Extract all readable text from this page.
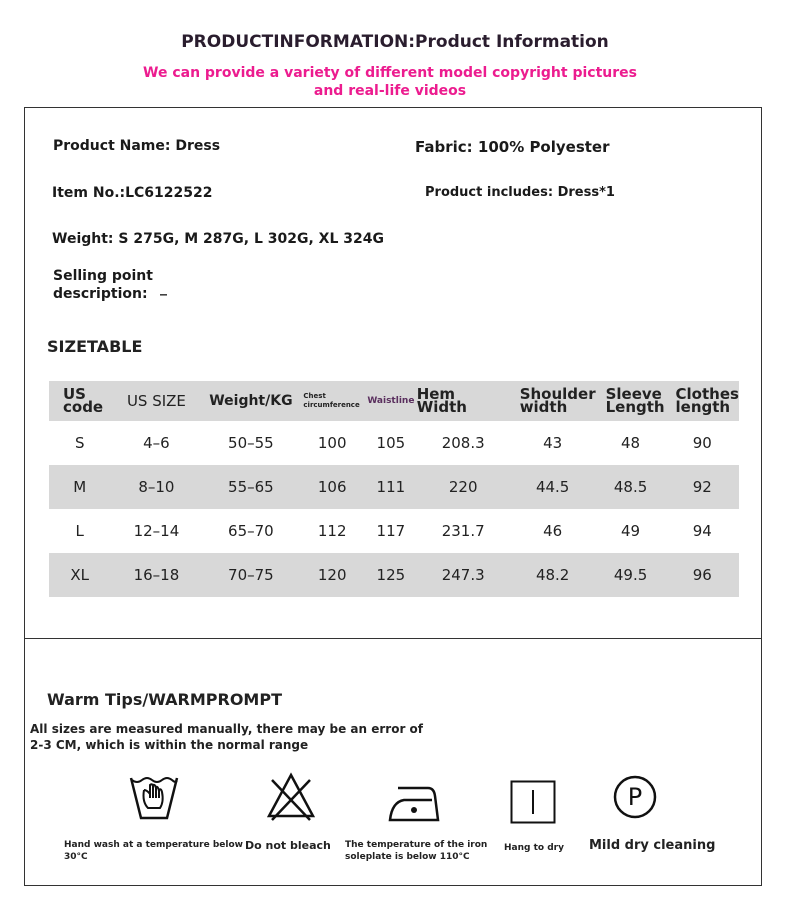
PRODUCTINFORMATION:Product Information
We can provide a variety of different model copyright pictures and real-life videos
Product Name: Dress	Fabric: 100% Polyester
Item No.:LC6122522	Product includes: Dress*1
Weight: S 275G, M 287G, L 302G, XL 324G
Selling point description: _
SIZETABLE
US code	US SIZE	Weight/KG	Chest circumference	Waistline	Hem Width	Shoulder width	Sleeve Length	Clothes length
S	4–6	50–55	100	105	208.3	43	48	90
M	8–10	55–65	106	111	220	44.5	48.5	92
L	12–14	65–70	112	117	231.7	46	49	94
XL	16–18	70–75	120	125	247.3	48.2	49.5	96
Warm Tips/WARMPROMPT
All sizes are measured manually, there may be an error of 2-3 CM, which is within the normal range
Hand wash at a temperature below 30°C
Do not bleach The temperature of the iron soleplate is below 110°C
Hang to dry
P
Mild dry cleaning
